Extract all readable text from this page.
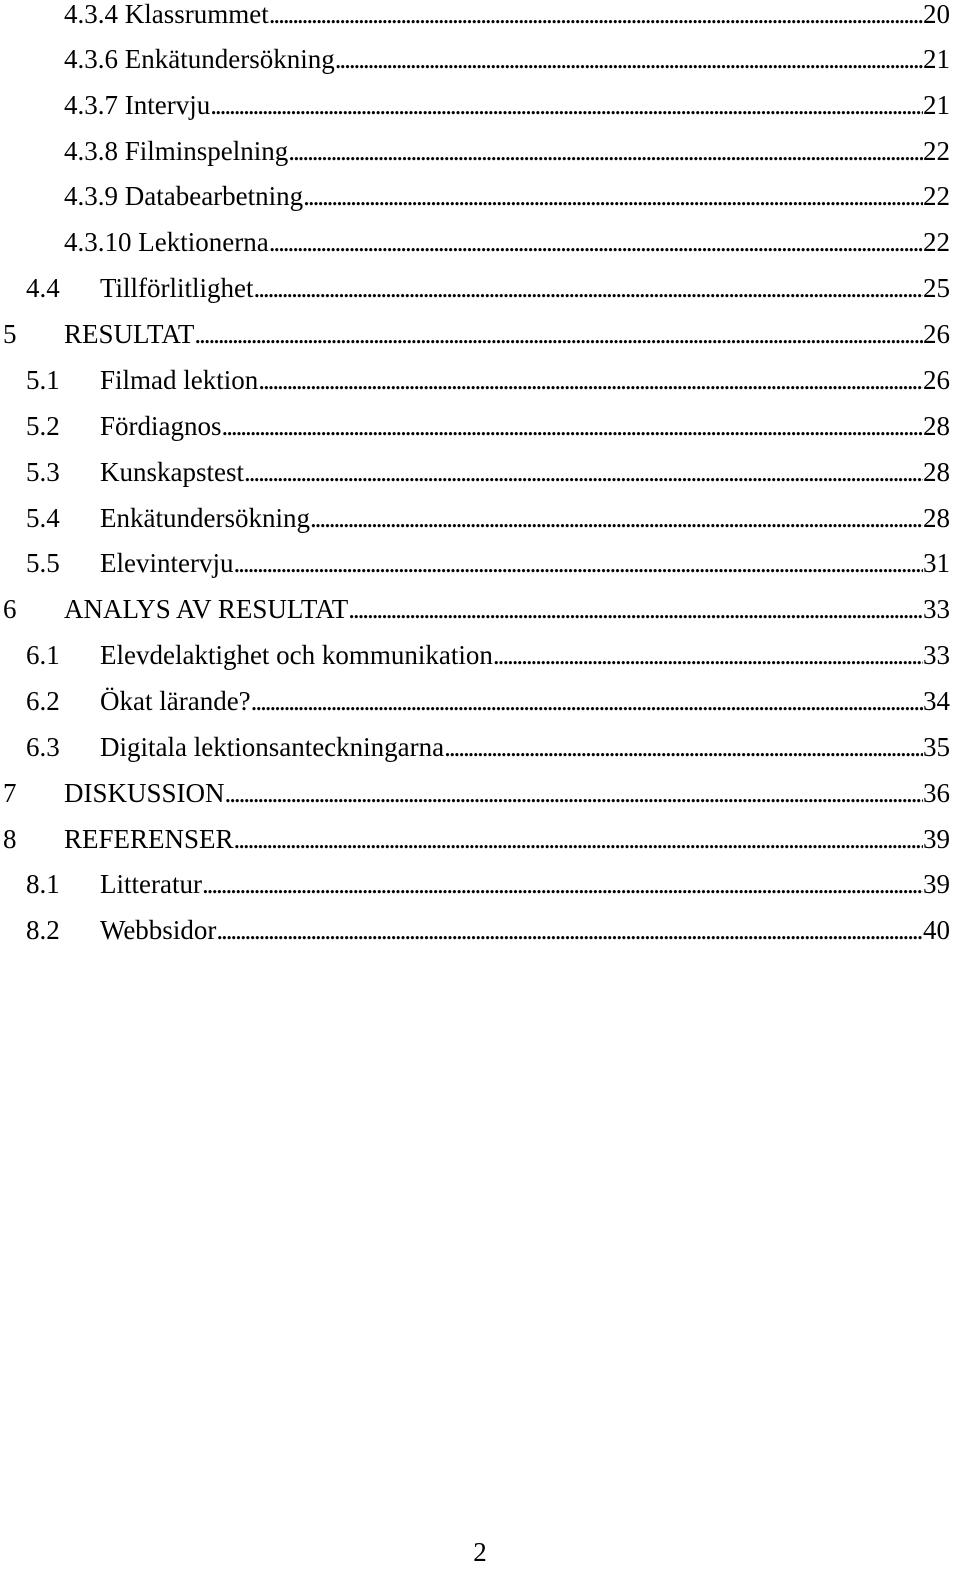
4.3.4 Klassrummet . . .	20
4.3.6 Enkätundersökning . . .	21
4.3.7 Intervju . . .	21
4.3.8 Filminspelning . . .	22
4.3.9 Databearbetning . . .	22
4.3.10 Lektionerna . . .	22
4.4	Tillförlitlighet . . .	25
5	RESULTAT . . .	26
5.1	Filmad lektion . . .	26
5.2	Fördiagnos . . .	28
5.3	Kunskapstest . . .	28
5.4	Enkätundersökning . . .	28
5.5	Elevintervju . . .	31
6	ANALYS AV RESULTAT . . .	33
6.1	Elevdelaktighet och kommunikation . . .	33
6.2	Ökat lärande? . . .	34
6.3	Digitala lektionsanteckningarna . . .	35
7	DISKUSSION . . .	36
8	REFERENSER . . .	39
8.1	Litteratur . . .	39
8.2	Webbsidor . . .	40
2
